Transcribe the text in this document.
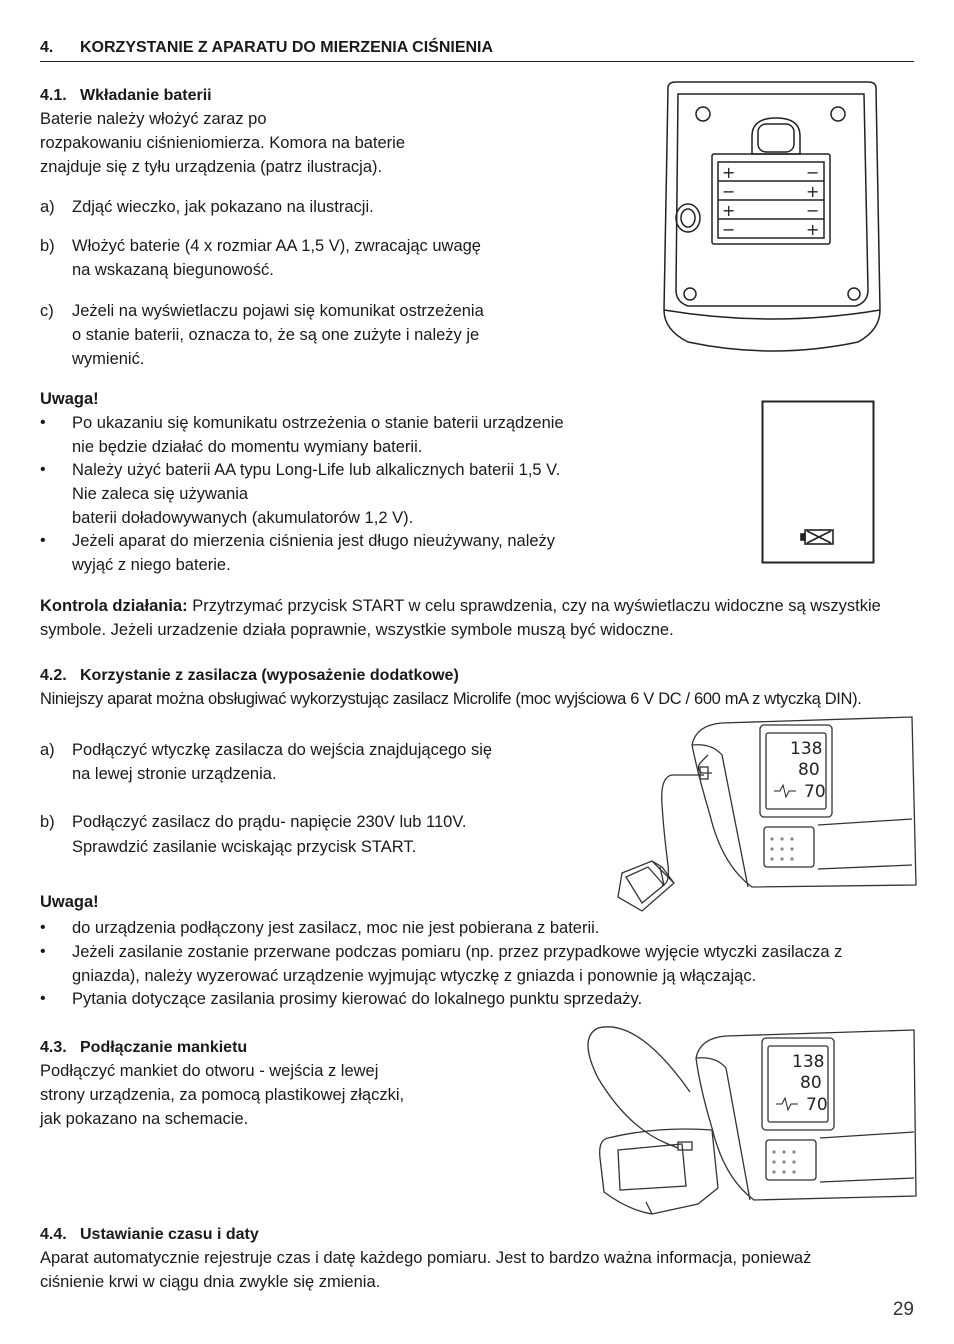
4. KORZYSTANIE Z APARATU DO MIERZENIA CIŚNIENIA
4.1. Wkładanie baterii

Baterie należy włożyć zaraz po

rozpakowaniu ciśnieniomierza. Komora na baterie

znajduje się z tyłu urządzenia (patrz ilustracja).

a)	Zdjąć wieczko, jak pokazano na ilustracji.

b)	Włożyć baterie (4 x rozmiar AA 1,5 V), zwracając uwagę

na wskazaną biegunowość.

c)	Jeżeli na wyświetlaczu pojawi się komunikat ostrzeżenia

o stanie baterii, oznacza to, że są one zużyte i należy je

wymienić.

Uwaga!
• Po ukazaniu się komunikatu ostrzeżenia o stanie baterii urządzenie

nie będzie działać do momentu wymiany baterii.

• Należy użyć baterii AA typu Long-Life lub alkalicznych baterii 1,5 V.

Nie zaleca się używania

baterii doładowywanych (akumulatorów 1,2 V).

• Jeżeli aparat do mierzenia ciśnienia jest długo nieużywany, należy

wyjąć z niego baterie.

Kontrola działania: Przytrzymać przycisk START w celu sprawdzenia, czy na wyświetlaczu widoczne są wszystkie

symbole. Jeżeli urzadzenie działa poprawnie, wszystkie symbole muszą być widoczne.

4.2. Korzystanie z zasilacza (wyposażenie dodatkowe)
Niniejszy aparat można obsługiwać wykorzystując zasilacz Microlife (moc wyjściowa 6 V DC / 600 mA z wtyczką DIN).
a)	Podłączyć wtyczkę zasilacza do wejścia znajdującego się

na lewej stronie urządzenia.

b)	Podłączyć zasilacz do prądu- napięcie 230V lub 110V.

Sprawdzić zasilanie wciskając przycisk START.

Uwaga!
• do urządzenia podłączony jest zasilacz, moc nie jest pobierana z baterii.

• Jeżeli zasilanie zostanie przerwane podczas pomiaru (np. przez przypadkowe wyjęcie wtyczki zasilacza z

gniazda), należy wyzerować urządzenie wyjmując wtyczkę z gniazda i ponownie ją włączając.

• Pytania dotyczące zasilania prosimy kierować do lokalnego punktu sprzedaży.

4.3. Podłączanie mankietu

Podłączyć mankiet do otworu - wejścia z lewej

strony urządzenia, za pomocą plastikowej złączki,

jak pokazano na schemacie.

4.4. Ustawianie czasu i daty

Aparat automatycznie rejestruje czas i datę każdego pomiaru. Jest to bardzo ważna informacja, ponieważ

ciśnienie krwi w ciągu dnia zwykle się zmienia.

29
+	−
−	+
+	−
−	+
138
80
70
138
80
70
